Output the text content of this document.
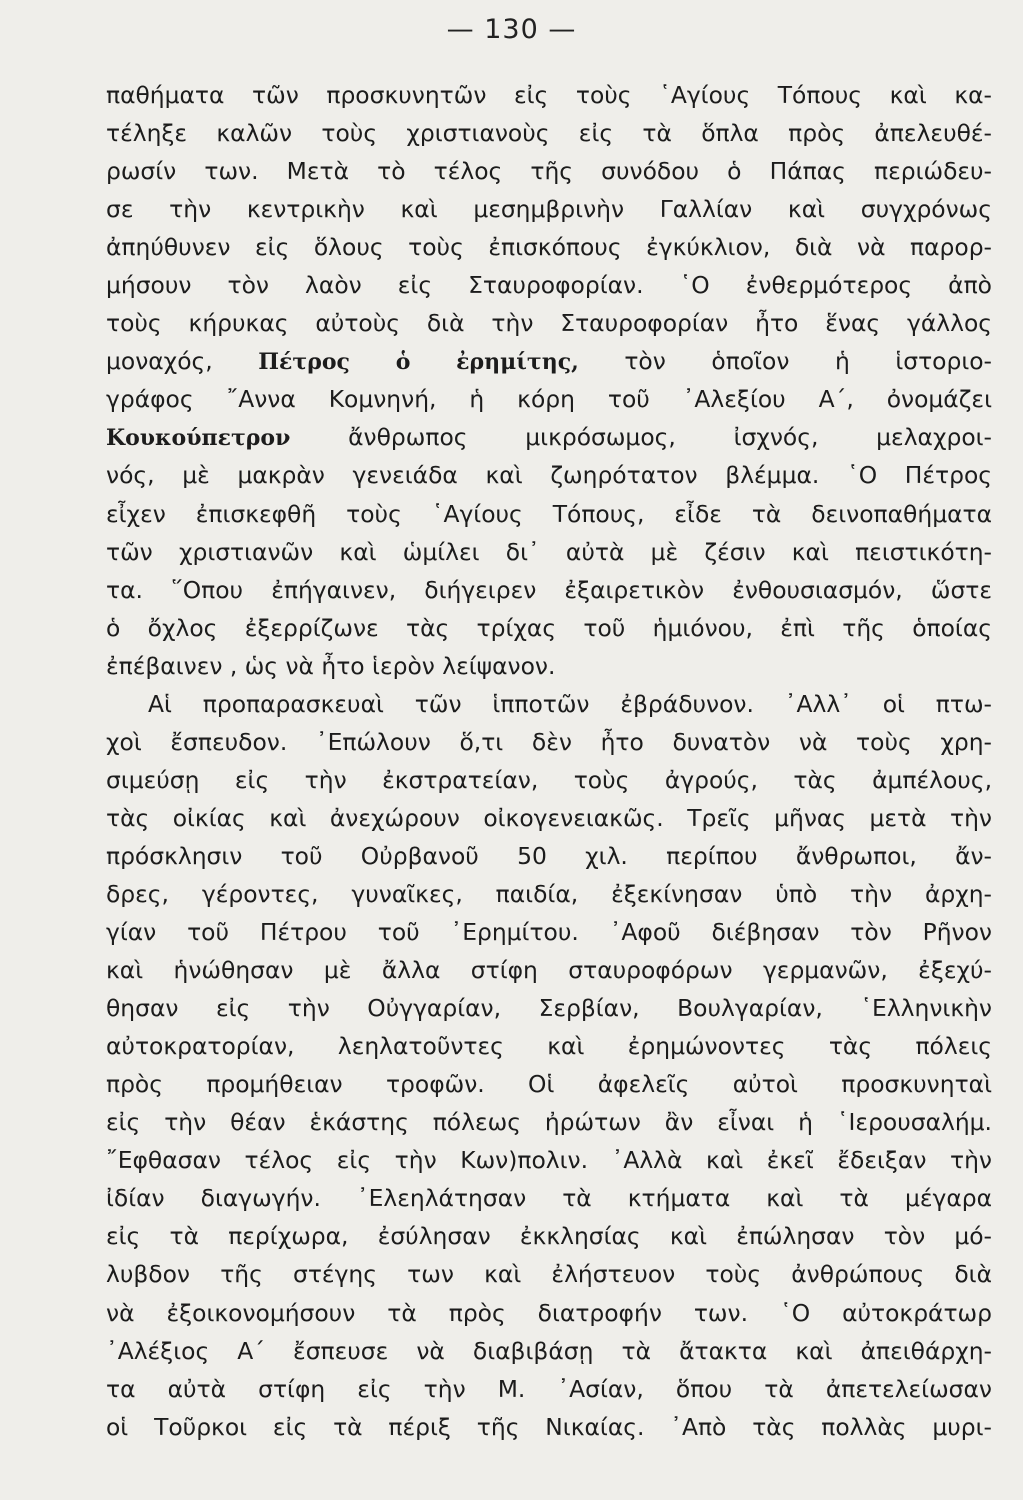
— 130 —
παθήματα τῶν προσκυνητῶν εἰς τοὺς ῾Αγίους Τόπους καὶ κα-
τέληξε καλῶν τοὺς χριστιανοὺς εἰς τὰ ὅπλα πρὸς ἀπελευθέ-
ρωσίν των. Μετὰ τὸ τέλος τῆς συνόδου ὁ Πάπας περιώδευ-
σε τὴν κεντρικὴν καὶ μεσημβρινὴν Γαλλίαν καὶ συγχρόνως
ἀπηύθυνεν εἰς ὅλους τοὺς ἐπισκόπους ἐγκύκλιον, διὰ νὰ παρορ-
μήσουν τὸν λαὸν εἰς Σταυροφορίαν. ῾Ο ἐνθερμότερος ἀπὸ
τοὺς κήρυκας αὐτοὺς διὰ τὴν Σταυροφορίαν ἦτο ἕνας γάλλος
μοναχός, Πέτρος ὁ ἐρημίτης, τὸν ὁποῖον ἡ ἱστοριο-
γράφος ῎Αννα Κομνηνή, ἡ κόρη τοῦ ᾿Αλεξίου Α΄, ὀνομάζει
Κουκούπετρον ἄνθρωπος μικρόσωμος, ἰσχνός, μελαχροι-
νός, μὲ μακρὰν γενειάδα καὶ ζωηρότατον βλέμμα. ῾Ο Πέτρος
εἶχεν ἐπισκεφθῆ τοὺς ῾Αγίους Τόπους, εἶδε τὰ δεινοπαθήματα
τῶν χριστιανῶν καὶ ὡμίλει δι᾿ αὐτὰ μὲ ζέσιν καὶ πειστικότη-
τα. ῞Οπου ἐπήγαινεν, διήγειρεν ἐξαιρετικὸν ἐνθουσιασμόν, ὥστε
ὁ ὄχλος ἐξερρίζωνε τὰς τρίχας τοῦ ἡμιόνου, ἐπὶ τῆς ὁποίας
ἐπέβαινεν , ὡς νὰ ἦτο ἱερὸν λείψανον.
Αἱ προπαρασκευαὶ τῶν ἱπποτῶν ἐβράδυνον. ᾿Αλλ᾿ οἱ πτω-
χοὶ ἔσπευδον. ᾿Επώλουν ὅ,τι δὲν ἦτο δυνατὸν νὰ τοὺς χρη-
σιμεύσῃ εἰς τὴν ἐκστρατείαν, τοὺς ἀγρούς, τὰς ἀμπέλους,
τὰς οἰκίας καὶ ἀνεχώρουν οἰκογενειακῶς. Τρεῖς μῆνας μετὰ τὴν
πρόσκλησιν τοῦ Οὐρβανοῦ 50 χιλ. περίπου ἄνθρωποι, ἄν-
δρες, γέροντες, γυναῖκες, παιδία, ἐξεκίνησαν ὑπὸ τὴν ἀρχη-
γίαν τοῦ Πέτρου τοῦ ᾿Ερημίτου. ᾿Αφοῦ διέβησαν τὸν Ρῆνον
καὶ ἡνώθησαν μὲ ἄλλα στίφη σταυροφόρων γερμανῶν, ἐξεχύ-
θησαν εἰς τὴν Οὐγγαρίαν, Σερβίαν, Βουλγαρίαν, ῾Ελληνικὴν
αὐτοκρατορίαν, λεηλατοῦντες καὶ ἐρημώνοντες τὰς πόλεις
πρὸς προμήθειαν τροφῶν. Οἱ ἀφελεῖς αὐτοὶ προσκυνηταὶ
εἰς τὴν θέαν ἑκάστης πόλεως ἠρώτων ἂν εἶναι ἡ ῾Ιερουσαλήμ.
῎Εφθασαν τέλος εἰς τὴν Κων)πολιν. ᾿Αλλὰ καὶ ἐκεῖ ἔδειξαν τὴν
ἰδίαν διαγωγήν. ᾿Ελεηλάτησαν τὰ κτήματα καὶ τὰ μέγαρα
εἰς τὰ περίχωρα, ἐσύλησαν ἐκκλησίας καὶ ἐπώλησαν τὸν μό-
λυβδον τῆς στέγης των καὶ ἐλήστευον τοὺς ἀνθρώπους διὰ
νὰ ἐξοικονομήσουν τὰ πρὸς διατροφήν των. ῾Ο αὐτοκράτωρ
᾿Αλέξιος Α΄ ἔσπευσε νὰ διαβιβάσῃ τὰ ἄτακτα καὶ ἀπειθάρχη-
τα αὐτὰ στίφη εἰς τὴν Μ. ᾿Ασίαν, ὅπου τὰ ἀπετελείωσαν
οἱ Τοῦρκοι εἰς τὰ πέριξ τῆς Νικαίας. ᾿Απὸ τὰς πολλὰς μυρι-
